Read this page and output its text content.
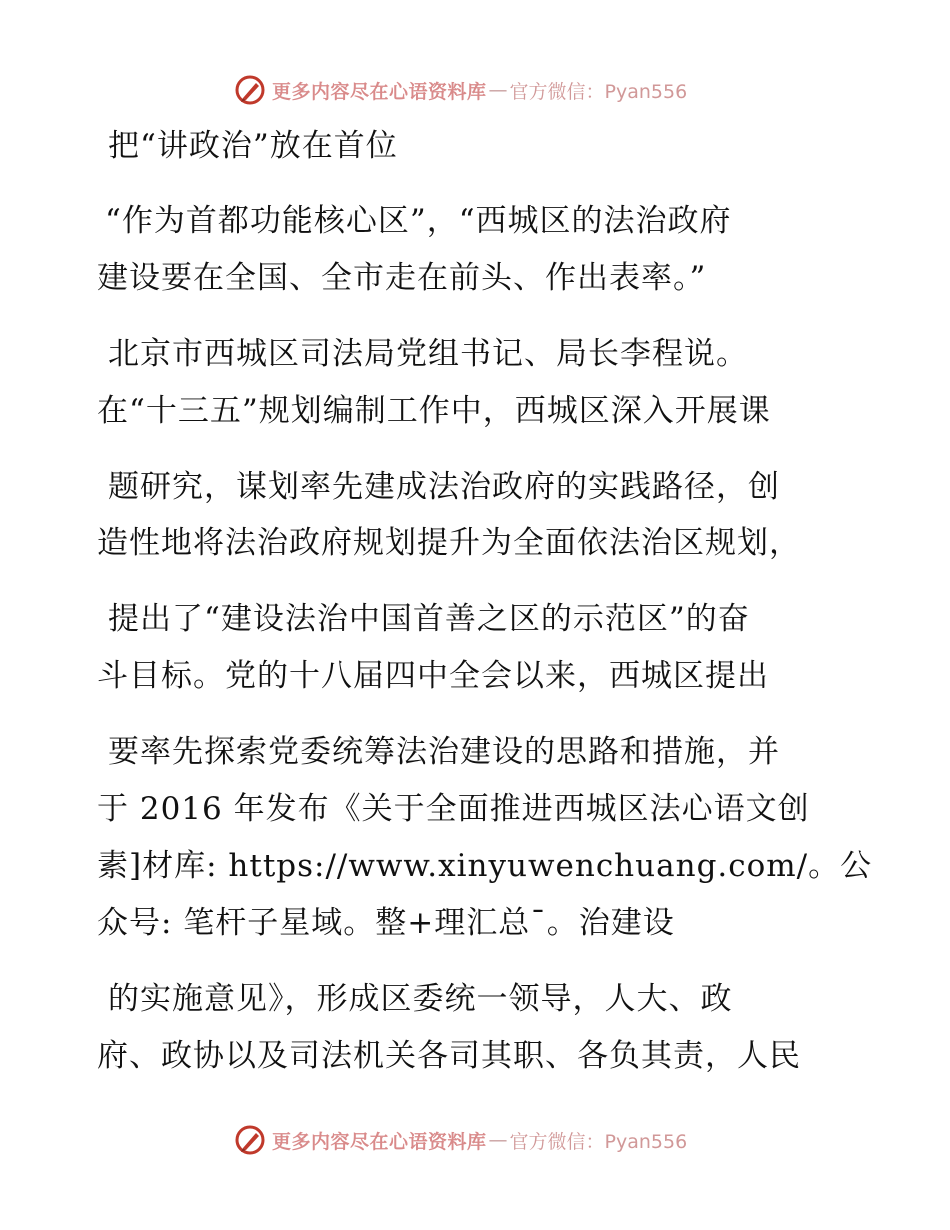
更多内容尽在心语资料库 — 官方微信：Pyan556
把“讲政治”放在首位
“作为首都功能核心区”，“西城区的法治政府
建设要在全国、全市走在前头、作出表率。”
北京市西城区司法局党组书记、局长李程说。
在“十三五”规划编制工作中，西城区深入开展课
题研究，谋划率先建成法治政府的实践路径，创
造性地将法治政府规划提升为全面依法治区规划，
提出了“建设法治中国首善之区的示范区”的奋
斗目标。党的十八届四中全会以来，西城区提出
要率先探索党委统筹法治建设的思路和措施，并
于 2016 年发布《关于全面推进西城区法心语文创
素]材库: https://www.xinyuwenchuang.com/。公
众号: 笔杆子星域。整+理汇总¯。治建设
的实施意见》，形成区委统一领导，人大、政
府、政协以及司法机关各司其职、各负其责，人民
更多内容尽在心语资料库 — 官方微信：Pyan556
